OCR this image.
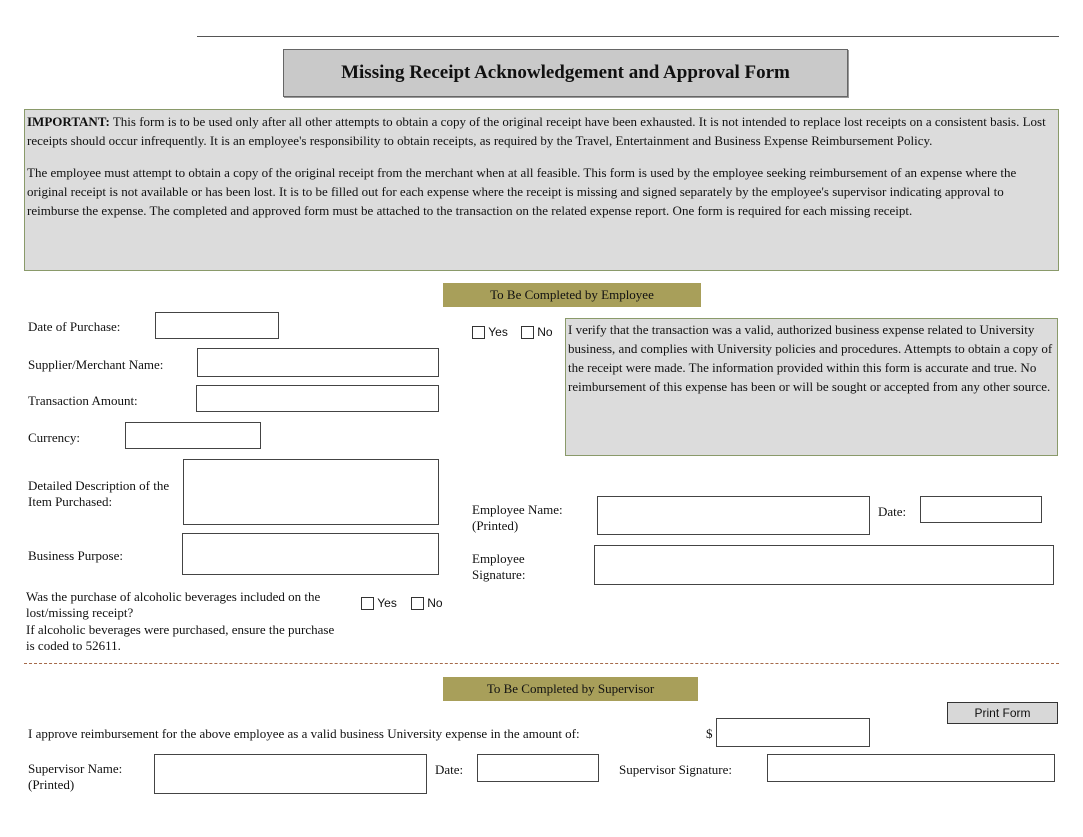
Missing Receipt Acknowledgement and Approval Form

IMPORTANT: This form is to be used only after all other attempts to obtain a copy of the original receipt have been exhausted. It is not intended to replace lost receipts on a consistent basis. Lost receipts should occur infrequently. It is an employee's responsibility to obtain receipts, as required by the Travel, Entertainment and Business Expense Reimbursement Policy.

The employee must attempt to obtain a copy of the original receipt from the merchant when at all feasible. This form is used by the employee seeking reimbursement of an expense where the original receipt is not available or has been lost. It is to be filled out for each expense where the receipt is missing and signed separately by the employee's supervisor indicating approval to reimburse the expense. The completed and approved form must be attached to the transaction on the related expense report. One form is required for each missing receipt.

To Be Completed by Employee
Date of Purchase:
Supplier/Merchant Name:
Transaction Amount:
Currency:
Detailed Description of the Item Purchased:
Business Purpose:
Was the purchase of alcoholic beverages included on the lost/missing receipt?
If alcoholic beverages were purchased, ensure the purchase is coded to 52611.
Yes	No
Yes	No I verify that the transaction was a valid, authorized business expense related to University business, and complies with University policies and procedures. Attempts to obtain a copy of the receipt were made. The information provided within this form is accurate and true. No reimbursement of this expense has been or will be sought or accepted from any other source.
Employee Name: (Printed)
Date:
Employee Signature:
To Be Completed by Supervisor
Print Form
I approve reimbursement for the above employee as a valid business University expense in the amount of:	$
Supervisor Name: (Printed)
Date:	Supervisor Signature:
